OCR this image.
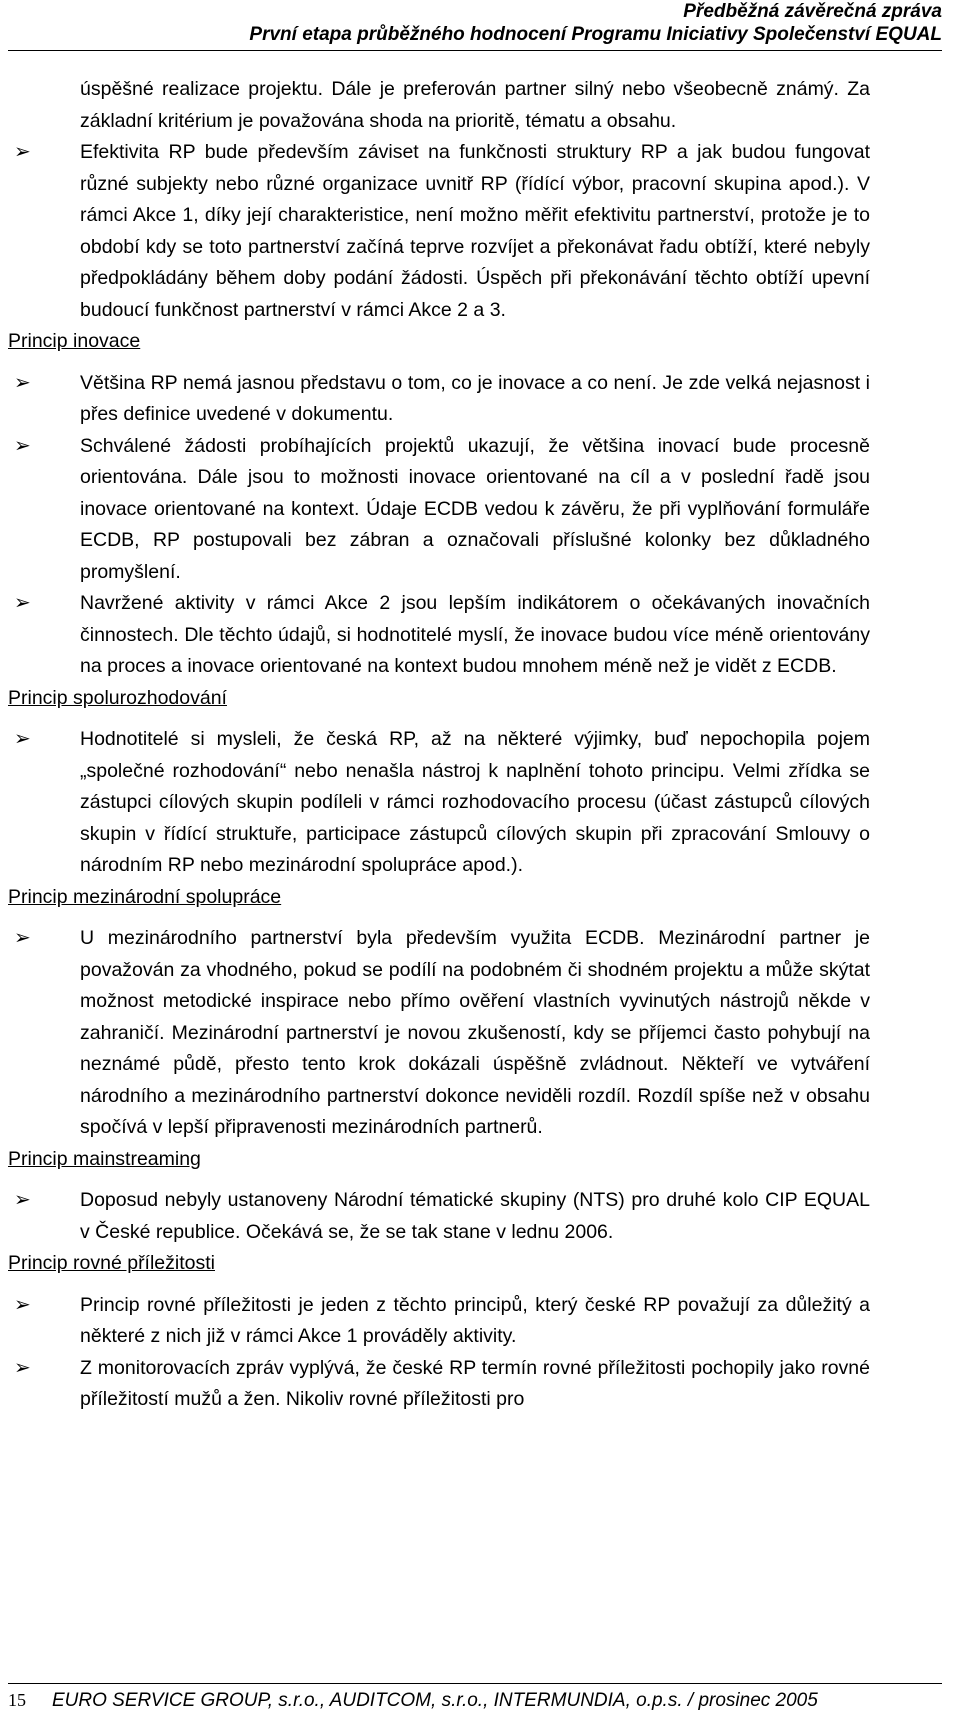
Předběžná závěrečná zpráva
První etapa průběžného hodnocení Programu Iniciativy Společenství EQUAL
úspěšné realizace projektu. Dále je preferován partner silný nebo všeobecně známý. Za základní kritérium je považována shoda na prioritě, tématu a obsahu.
➢	Efektivita RP bude především záviset na funkčnosti struktury RP a jak budou fungovat různé subjekty nebo různé organizace uvnitř RP (řídící výbor, pracovní skupina apod.). V rámci Akce 1, díky její charakteristice, není možno měřit efektivitu partnerství, protože je to období kdy se toto partnerství začíná teprve rozvíjet a překonávat řadu obtíží, které nebyly předpokládány během doby podání žádosti. Úspěch při překonávání těchto obtíží upevní budoucí funkčnost partnerství v rámci Akce 2 a 3.
Princip inovace
➢	Většina RP nemá jasnou představu o tom, co je inovace a co není. Je zde velká nejasnost i přes definice uvedené v dokumentu.
➢	Schválené žádosti probíhajících projektů ukazují, že většina inovací bude procesně orientována. Dále jsou to možnosti inovace orientované na cíl a v poslední řadě jsou inovace orientované na kontext. Údaje ECDB vedou k závěru, že při vyplňování formuláře ECDB, RP postupovali bez zábran a označovali příslušné kolonky bez důkladného promyšlení.
➢	Navržené aktivity v rámci Akce 2 jsou lepším indikátorem o očekávaných inovačních činnostech. Dle těchto údajů, si hodnotitelé myslí, že inovace budou více méně orientovány na proces a inovace orientované na kontext budou mnohem méně než je vidět z ECDB.
Princip spolurozhodování
➢	Hodnotitelé si mysleli, že česká RP, až na některé výjimky, buď nepochopila pojem „společné rozhodování“ nebo nenašla nástroj k naplnění tohoto principu. Velmi zřídka se zástupci cílových skupin podíleli v rámci rozhodovacího procesu (účast zástupců cílových skupin v řídící struktuře, participace zástupců cílových skupin při zpracování Smlouvy o národním RP nebo mezinárodní spolupráce apod.).
Princip mezinárodní spolupráce
➢	U mezinárodního partnerství byla především využita ECDB. Mezinárodní partner je považován za vhodného, pokud se podílí na podobném či shodném projektu a může skýtat možnost metodické inspirace nebo přímo ověření vlastních vyvinutých nástrojů někde v zahraničí. Mezinárodní partnerství je novou zkušeností, kdy se příjemci často pohybují na neznámé půdě, přesto tento krok dokázali úspěšně zvládnout. Někteří ve vytváření národního a mezinárodního partnerství dokonce neviděli rozdíl. Rozdíl spíše než v obsahu spočívá v lepší připravenosti mezinárodních partnerů.
Princip mainstreaming
➢	Doposud nebyly ustanoveny Národní tématické skupiny (NTS) pro druhé kolo CIP EQUAL v České republice. Očekává se, že se tak stane v lednu 2006.
Princip rovné příležitosti
➢	Princip rovné příležitosti je jeden z těchto principů, který české RP považují za důležitý a některé z nich již v rámci Akce 1 prováděly aktivity.
➢	Z monitorovacích zpráv vyplývá, že české RP termín rovné příležitosti pochopily jako rovné příležitostí mužů a žen. Nikoliv rovné příležitosti pro
15 EURO SERVICE GROUP, s.r.o., AUDITCOM, s.r.o., INTERMUNDIA, o.p.s. / prosinec 2005
